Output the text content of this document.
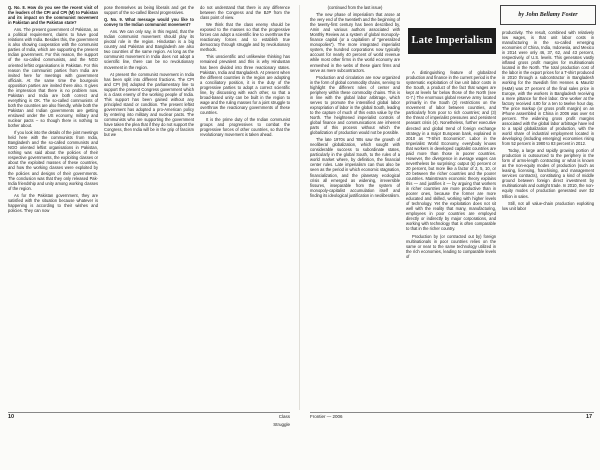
Q. No. 8. How do you see the recent visit of the leaders of the CPI and CPI (M) to Pakistan and its impact on the communist movement in Pakistan and the Pakistan state?

Ans. The present government of Pakistan, as a political requirement, claims to have good relations with India. Besides this, the government is also showing cooperation with the communist parties of India, which are supporting the present Indian government. For this reason, the support of the so-called communists, and the NGO oriented leftist organisations in Pakistan. For this reason the communist parties from India are invited here for meetings with government officials. At the same time the bourgeois opposition parties are invited there also. It gives the impression that there is no problem now. Pakistan and India are both correct and everything is OK. The so-called communists of both the countries are also friendly, while both the Pakistan and Indian governments are getting enslaved under the US economy, military and nuclear pacts – so though there is nothing to bother about.

If you look into the details of the joint meetings held here with the communists from India, Bangladesh and the so-called communists and NGO oriented leftist organisations in Pakistan, nothing was said about the policies of their respective governments, the exploiting classes or about the exploited masses of these countries, and how the working classes were exploited by the policies and designs of their governments. The conclusion was that they only released Pak-India friendship and unity among working classes of the region.

As for the Pakistan government, they are satisfied with the situation because whatever is happening is according to their wishes and policies. They can now

pose themselves as being liberals and get the support of the so-called liberal progressives.

Q. No. 9. What message would you like to convey to the Indian communist movement?

Ans. We can only say, in this regard, that the Indian communist movement should play its pivotal role in the region. Hindustan is a big country and Pakistan and Bangladesh are also two countries of the same region. As long as the communist movement in India does not adopt a scientific line, there can be no revolutionary movement in the region.

At present the communist movement in India has been split into different fractions. The CPI and CPI (M) adopted the parliamentary line to support the present Congress government which is a class enemy of the working people of India. This support has been gained without any principled stand or condition. The present leftist government has adopted a pro-American policy by entering into military and nuclear pacts. The communists who are supporting the government have taken the plea that if they do not support the Congress, then India will be in the grip of fascism but we

do not understand that there is any difference between the Congress and the BJP from the class point of view.

We think that the class enemy should be exposed to the masses so that the progressive forces can adopt a scientific line to overthrow the reactionary forces and to establish true democracy through struggle and by revolutionary methods.

This unscientific and unlikewise thinking has remained prevalent and this is why Hindustan has been divided into three reactionary states. Pakistan, India and Bangladesh. At present when the different countries in the region are adopting a conciliatory position, it is the duty of the progressive parties to adopt a correct scientific line, by discussing with each other, so that a broad-based unity can be built in the region to wage and the ruling masses for a joint struggle to overthrow the reactionary governments of these countries.

It is the prime duty of the Indian communist groups and progressives to combat the progressive forces of other countries, so that the revolutionary movement is taken ahead.

10	Class Struggle

(continued from the last issue)

The new phase of imperialism that arose at the very end of the twentieth and the beginning of the twenty-first century has been described by, Amin and various authors associated with Monthly Review as a system of global monopoly-finance capital (or a capitalism of “generalized monopolies”). The more integrated imperialist system, the hundred corporations now typically account for nearly 40 percent of world revenue while most other firms in the world economy are enmeshed in the webs of these giant firms and serve as mere subcontractors.

Production and circulation are now organized in the form of global commodity chains, serving to highlight the different roles of center and periphery within these commodity chains. This is in line with the global labor arbitrage, which serves to promote the intensified global labor expropriation of labor in the global South, leading to the capture of much of this extra value by the North. The heightened imperialist controls of global finance and communications are inherent parts of this process without which the globalization of production would not be possible.

The late 1970s and '80s saw the growth of neoliberal globalization, which sought with considerable success to subordinate states, particularly in the global South, to the rules of a world market where, by definition, the financial center rules. Late imperialism can thus also be seen as the period in which economic stagnation, financialization, and the planetary ecological crisis all emerged as widening, irreversible fissures, inseparable from the system of monopoly-capitalist accumulation itself and finding its ideological justification in neoliberalism.

Late Imperialism
by John Bellamy Foster

A distinguishing feature of globalized production and finance in the current period is the systematic exploitation of low unit labor costs in the South, a product of the fact that wages are kept at levels far below those of the North (see G-7.) The enormous global reserve army located primarily in the South (2) restrictions on the movement of labor between countries, and particularly from poor to rich countries; and (3) the threat of imperialist pressures and persistent peasant crisis (4). Nonetheless, further executive directed and global trend of foreign exchange strategy in a major European bank, explained in 2010 as “T-Shirt Economics”. Labor in the Imperialist World Economy, everybody knows that workers in developed capitalist countries are paid more than those in poorer countries. However, the divergence in average wages can nevertheless be surprising: output (£) percent or 20 percent, but more like a factor of 2, 5, 10, or 20 between the richer countries and the poorer countries. Mainstream economic theory explains this — and justifies it — by arguing that workers in richer countries are more productive than in poorer ones, because the former are more educated and skilled, working with higher levels of technology. Yet the exploitation does not sit well with the reality that many, manufacturing, employees in poor countries are employed directly or indirectly by major corporations, and working with technology that is often comparable to that in the richer country.

Production by (or contracted out by) foreign multinationals in poor countries relies on the same or near to the same technology utilized in the rich economies, leading to comparable levels of

productivity. The result, combined with relatively low wages, is that unit labor costs in manufacturing in the so-called emerging economies of China, India, Indonesia, and Mexico in 2014 were only 46, 37, 62, and 43 percent, respectively, of U.S. levels. This generates vastly inflated gross profit margins for multinationals located in the North. The total production cost of the labor in the export prices for a T-shirt produced in 2010 through a subcontractor in Bangladesh working for the Swedish firm Hennes & Mauritz (H&M) was 27 percent of the final sales price in Europe, with the workers in Bangladesh receiving a mere pittance for their labor. One worker at the factory received 4.80 for a ten to twelve hour day. The price markup (or gross profit margin) on an iPhone assembled in China in 2006 was over 64 percent. The widening gross profit margins associated with the global labor arbitrage have led to a rapid globalization of production, with the world share of industrial employment located in developing (including emerging) economies rising from 52 percent in 1980 to 83 percent in 2012.

Today, a large and rapidly growing portion of production is outsourced to the periphery in the form of arms-length contracting or what is known as the non-equity modes of production (such as leasing, licensing, franchising, and management services contracts), constituting a kind of middle ground between foreign direct investment by multinationals and outright trade. In 2010, the non-equity modes of production generated over $2 trillion in sales.

Still, not all value-chain production exploiting low unit labor

Frontier — 2006	17
